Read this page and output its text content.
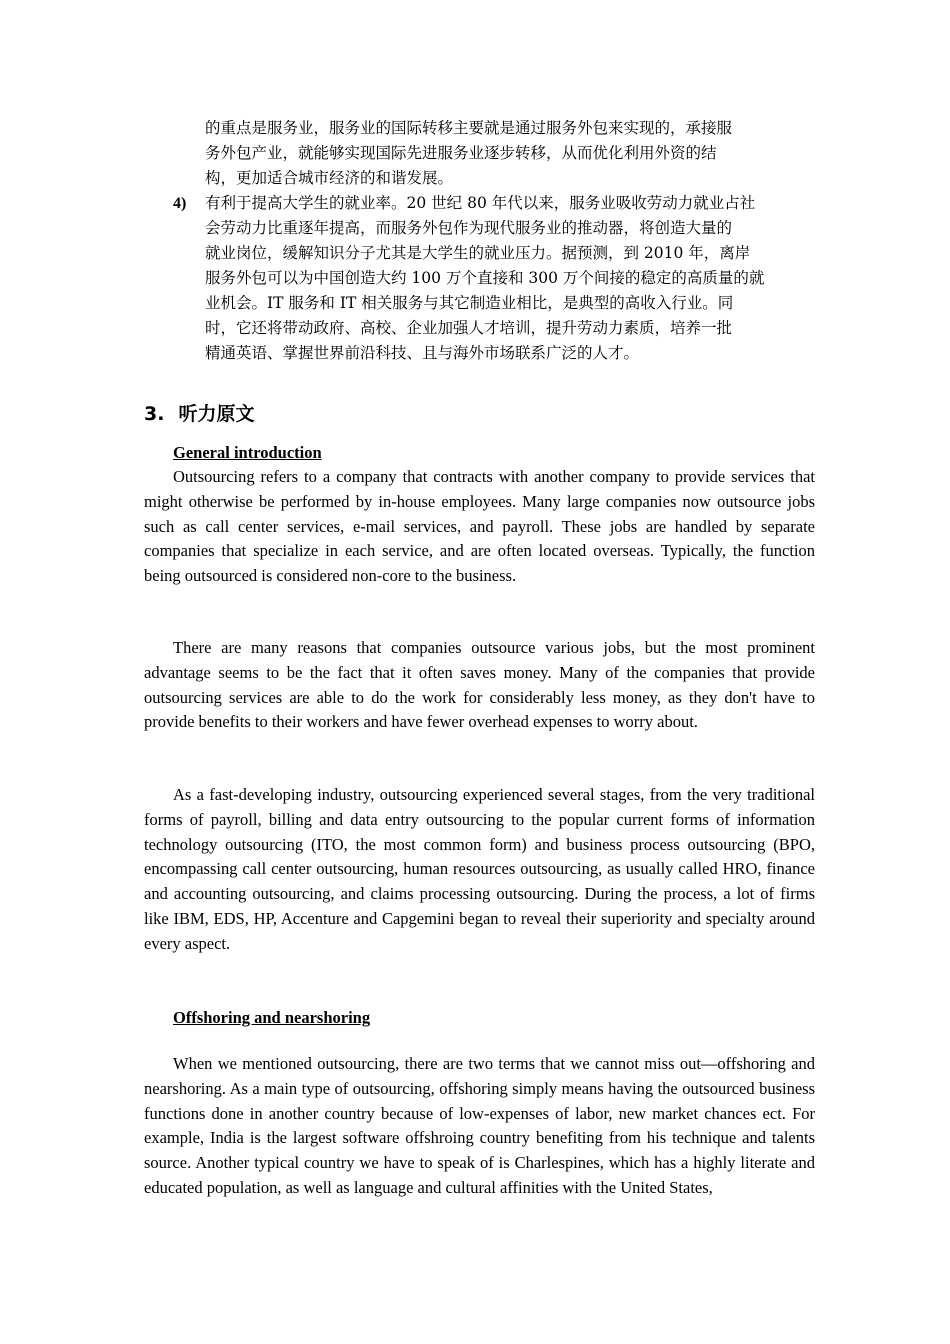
的重点是服务业，服务业的国际转移主要就是通过服务外包来实现的，承接服
务外包产业，就能够实现国际先进服务业逐步转移，从而优化利用外资的结
构，更加适合城市经济的和谐发展。
4) 有利于提高大学生的就业率。20 世纪 80 年代以来，服务业吸收劳动力就业占社
会劳动力比重逐年提高，而服务外包作为现代服务业的推动器，将创造大量的
就业岗位，缓解知识分子尤其是大学生的就业压力。据预测，到 2010 年，离岸
服务外包可以为中国创造大约 100 万个直接和 300 万个间接的稳定的高质量的就
业机会。IT 服务和 IT 相关服务与其它制造业相比，是典型的高收入行业。同
时，它还将带动政府、高校、企业加强人才培训，提升劳动力素质，培养一批
精通英语、掌握世界前沿科技、且与海外市场联系广泛的人才。
3. 听力原文
General introduction

Outsourcing refers to a company that contracts with another company to provide services that might otherwise be performed by in-house employees. Many large companies now outsource jobs such as call center services, e-mail services, and payroll. These jobs are handled by separate companies that specialize in each service, and are often located overseas. Typically, the function being outsourced is considered non-core to the business.

There are many reasons that companies outsource various jobs, but the most prominent advantage seems to be the fact that it often saves money. Many of the companies that provide outsourcing services are able to do the work for considerably less money, as they don't have to provide benefits to their workers and have fewer overhead expenses to worry about.

As a fast-developing industry, outsourcing experienced several stages, from the very traditional forms of payroll, billing and data entry outsourcing to the popular current forms of information technology outsourcing (ITO, the most common form) and business process outsourcing (BPO, encompassing call center outsourcing, human resources outsourcing, as usually called HRO, finance and accounting outsourcing, and claims processing outsourcing. During the process, a lot of firms like IBM, EDS, HP, Accenture and Capgemini began to reveal their superiority and specialty around every aspect.

Offshoring and nearshoring

When we mentioned outsourcing, there are two terms that we cannot miss out—offshoring and nearshoring. As a main type of outsourcing, offshoring simply means having the outsourced business functions done in another country because of low-expenses of labor, new market chances ect. For example, India is the largest software offshroing country benefiting from his technique and talents source. Another typical country we have to speak of is Charlespines, which has a highly literate and educated population, as well as language and cultural affinities with the United States,
